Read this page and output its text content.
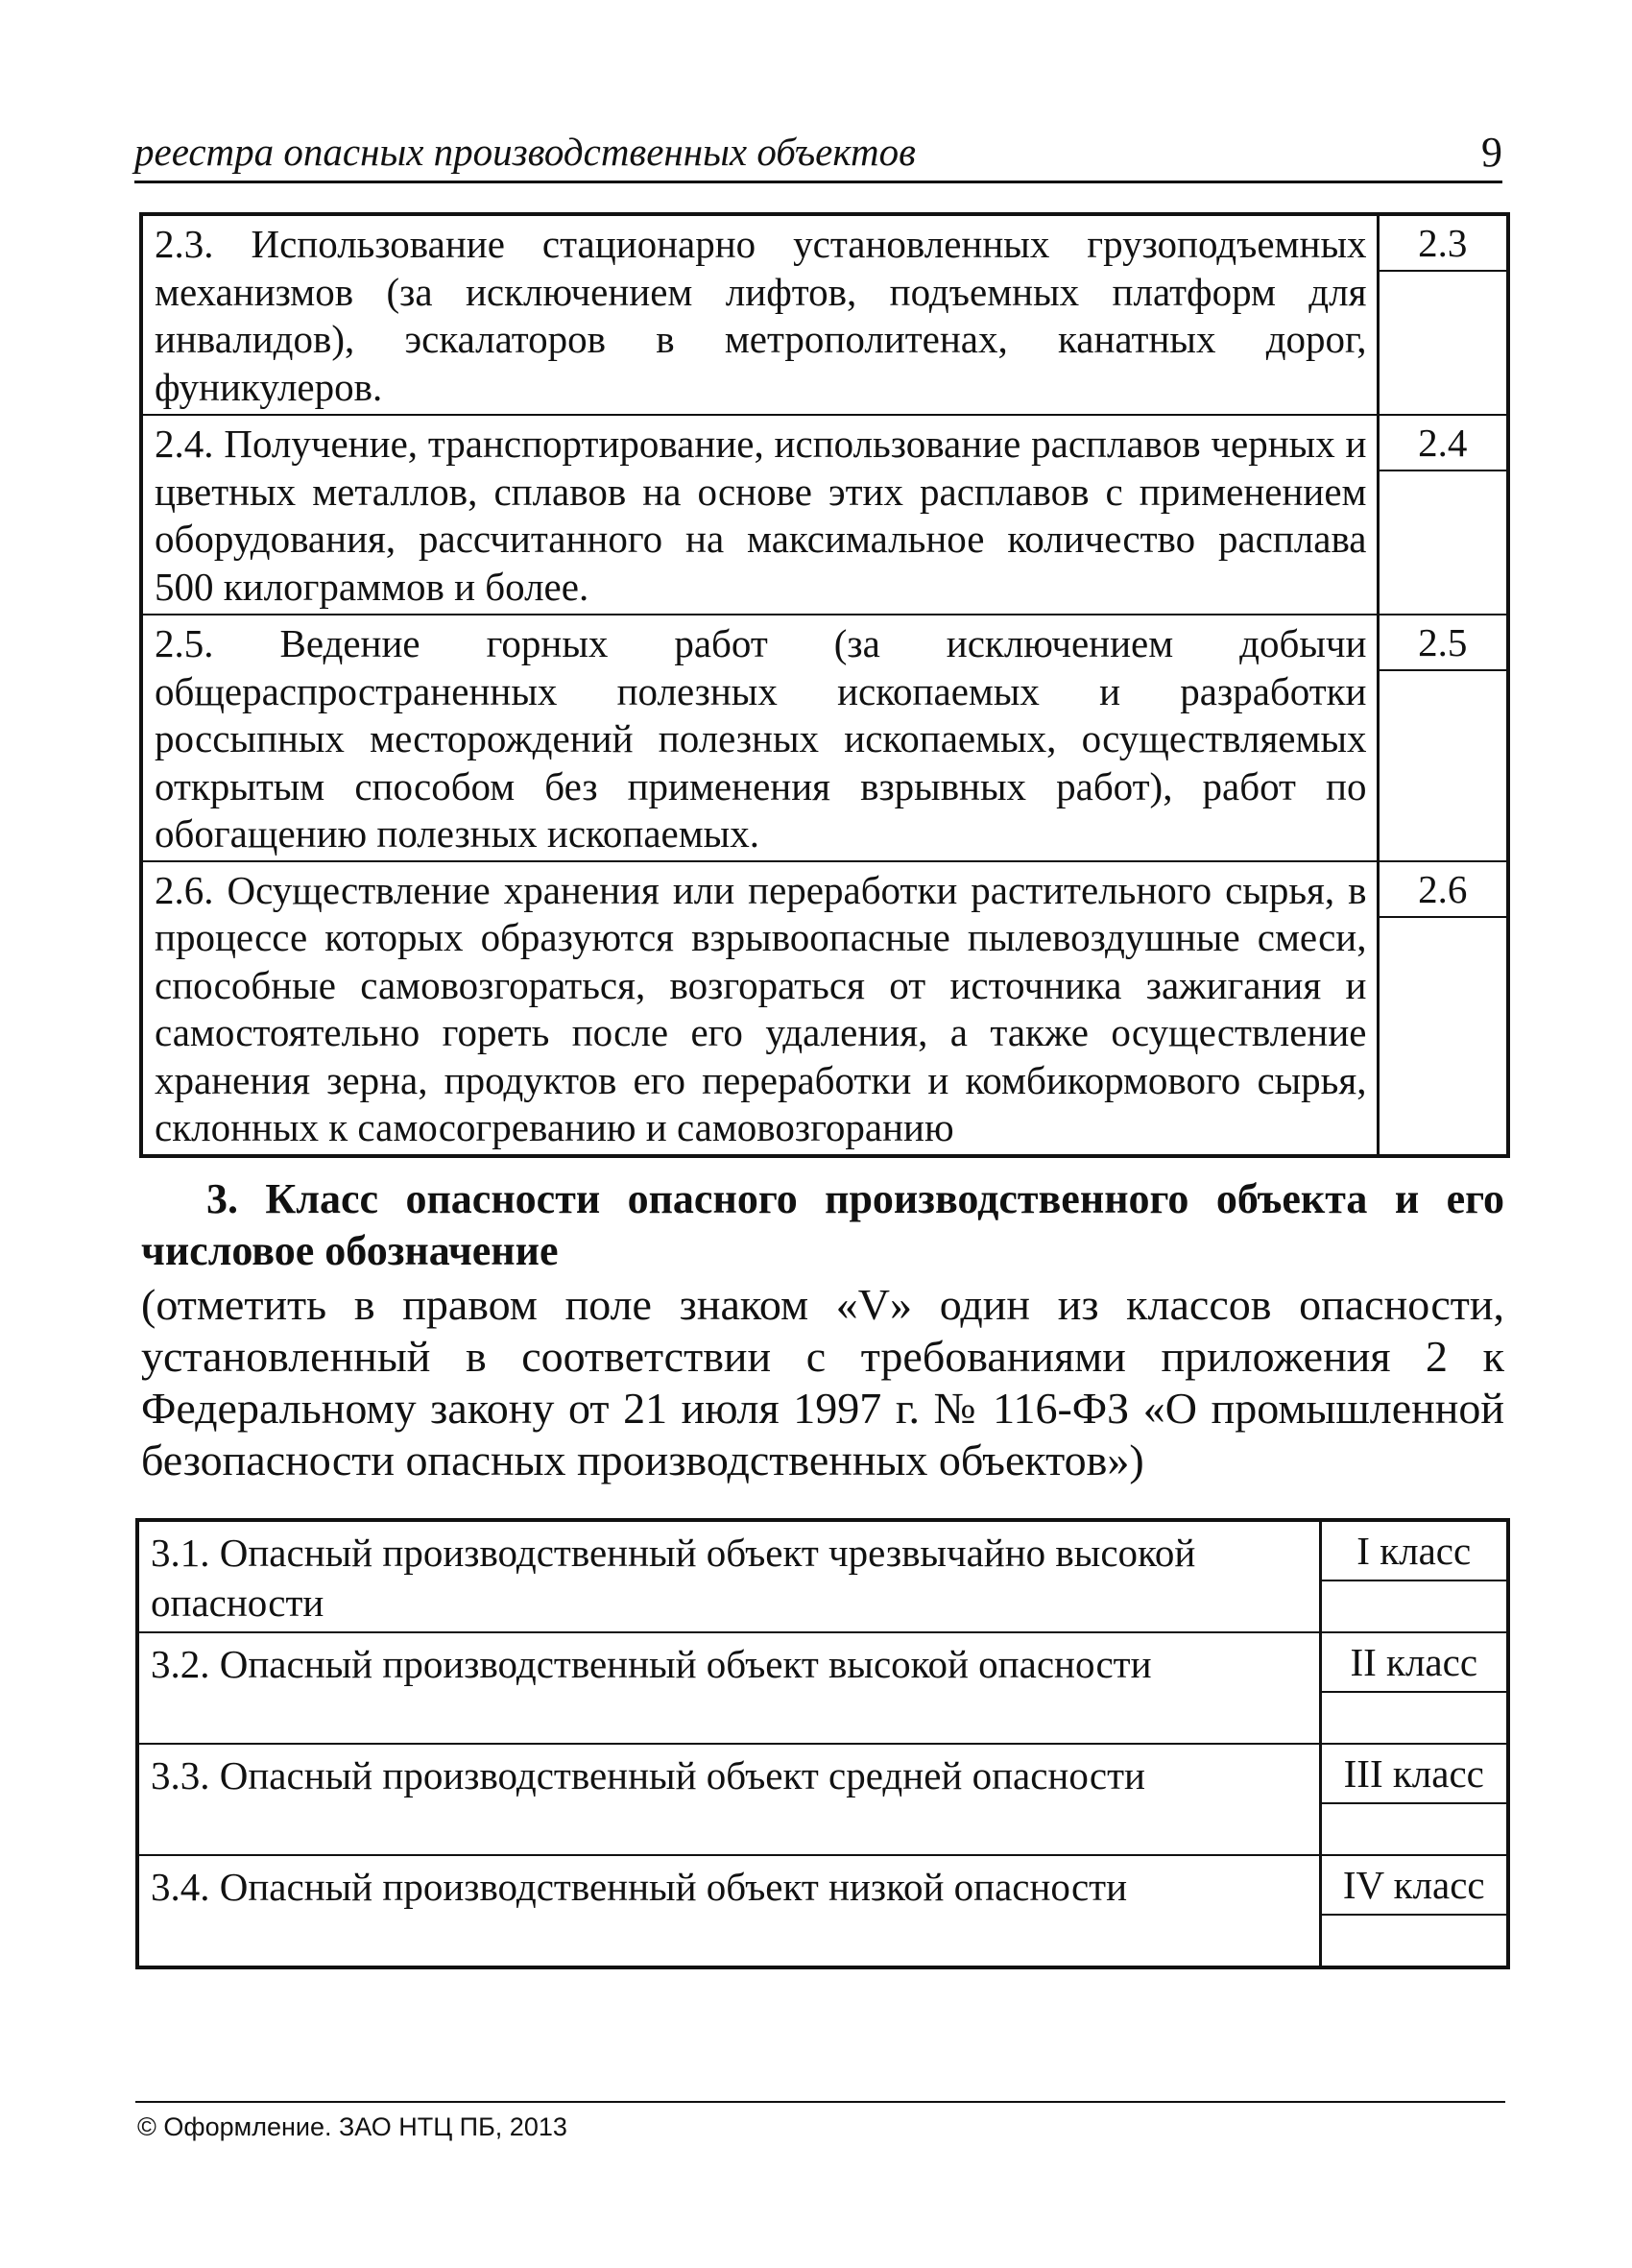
реестра опасных производственных объектов	9
2.3. Использование стационарно установленных грузоподъемных механизмов (за исключением лифтов, подъемных платформ для инвалидов), эскалаторов в метрополитенах, канатных дорог, фуникулеров.	2.3

2.4. Получение, транспортирование, использование расплавов черных и цветных металлов, сплавов на основе этих расплавов с применением оборудования, рассчитанного на максимальное количество расплава 500 килограммов и более.	2.4

2.5. Ведение горных работ (за исключением добычи общераспространенных полезных ископаемых и разработки россыпных месторождений полезных ископаемых, осуществляемых открытым способом без применения взрывных работ), работ по обогащению полезных ископаемых.	2.5

2.6. Осуществление хранения или переработки растительного сырья, в процессе которых образуются взрывоопасные пылевоздушные смеси, способные самовозгораться, возгораться от источника зажигания и самостоятельно гореть после его удаления, а также осуществление хранения зерна, продуктов его переработки и комбикормового сырья, склонных к самосогреванию и самовозгоранию	2.6

3. Класс опасности опасного производственного объекта и его числовое обозначение

(отметить в правом поле знаком «V» один из классов опасности, установленный в соответствии с требованиями приложения 2 к Федеральному закону от 21 июля 1997 г. № 116-ФЗ «О промышленной безопасности опасных производственных объектов»)

3.1. Опасный производственный объект чрезвычайно высокой опасности	I класс

3.2. Опасный производственный объект высокой опасности	II класс

3.3. Опасный производственный объект средней опасности	III класс

3.4. Опасный производственный объект низкой опасности	IV класс

© Оформление. ЗАО НТЦ ПБ, 2013
